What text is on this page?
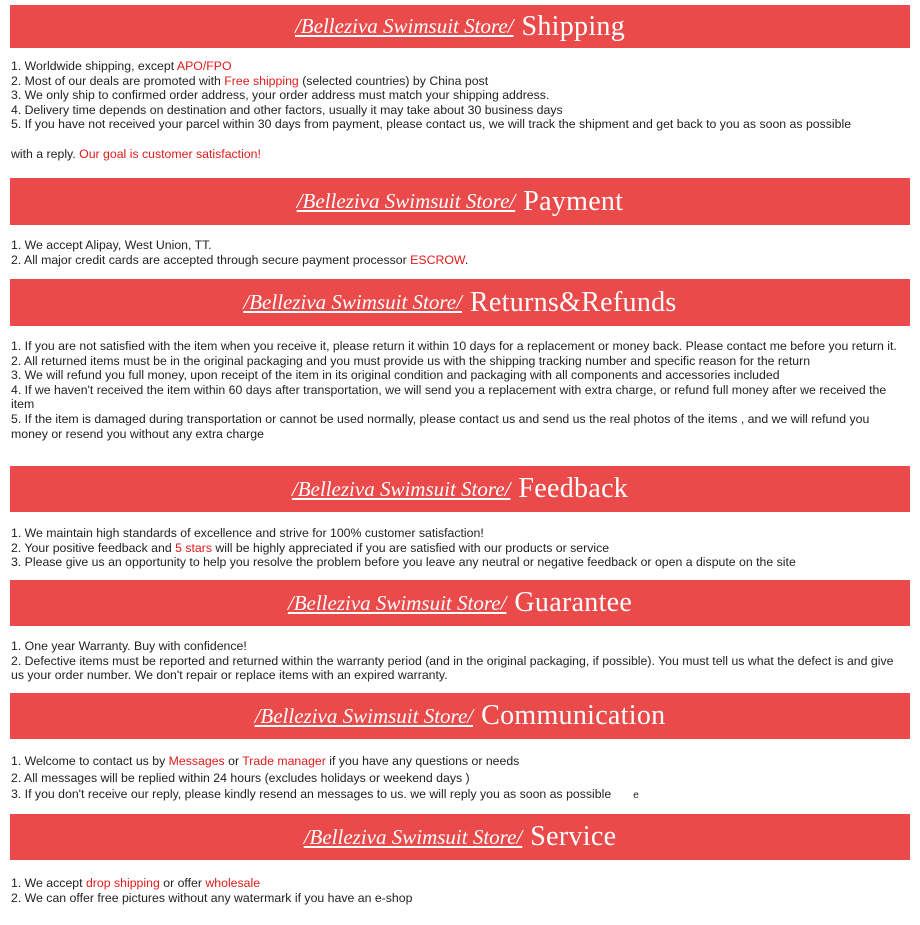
/Belleziva Swimsuit Store/ Shipping

1. Worldwide shipping, except APO/FPO

2. Most of our deals are promoted with Free shipping (selected countries) by China post

3. We only ship to confirmed order address, your order address must match your shipping address.

4. Delivery time depends on destination and other factors, usually it may take about 30 business days

5. If you have not received your parcel within 30 days from payment, please contact us, we will track the shipment and get back to you as soon as possible

with a reply. Our goal is customer satisfaction!

/Belleziva Swimsuit Store/ Payment

1. We accept Alipay, West Union, TT.

2. All major credit cards are accepted through secure payment processor ESCROW.

/Belleziva Swimsuit Store/ Returns&Refunds

1. If you are not satisfied with the item when you receive it, please return it within 10 days for a replacement or money back. Please contact me before you return it.

2. All returned items must be in the original packaging and you must provide us with the shipping tracking number and specific reason for the return

3. We will refund you full money, upon receipt of the item in its original condition and packaging with all components and accessories included

4. If we haven't received the item within 60 days after transportation, we will send you a replacement with extra charge, or refund full money after we received the item

5. If the item is damaged during transportation or cannot be used normally, please contact us and send us the real photos of the items , and we will refund you money or resend you without any extra charge

/Belleziva Swimsuit Store/ Feedback

1. We maintain high standards of excellence and strive for 100% customer satisfaction!

2. Your positive feedback and 5 stars will be highly appreciated if you are satisfied with our products or service

3. Please give us an opportunity to help you resolve the problem before you leave any neutral or negative feedback or open a dispute on the site

/Belleziva Swimsuit Store/ Guarantee

1. One year Warranty. Buy with confidence!

2. Defective items must be reported and returned within the warranty period (and in the original packaging, if possible). You must tell us what the defect is and give us your order number. We don't repair or replace items with an expired warranty.

/Belleziva Swimsuit Store/ Communication

1. Welcome to contact us by Messages or Trade manager if you have any questions or needs

2. All messages will be replied within 24 hours (excludes holidays or weekend days )

3. If you don't receive our reply, please kindly resend an messages to us. we will reply you as soon as possible e

/Belleziva Swimsuit Store/ Service

1. We accept drop shipping or offer wholesale

2. We can offer free pictures without any watermark if you have an e-shop
